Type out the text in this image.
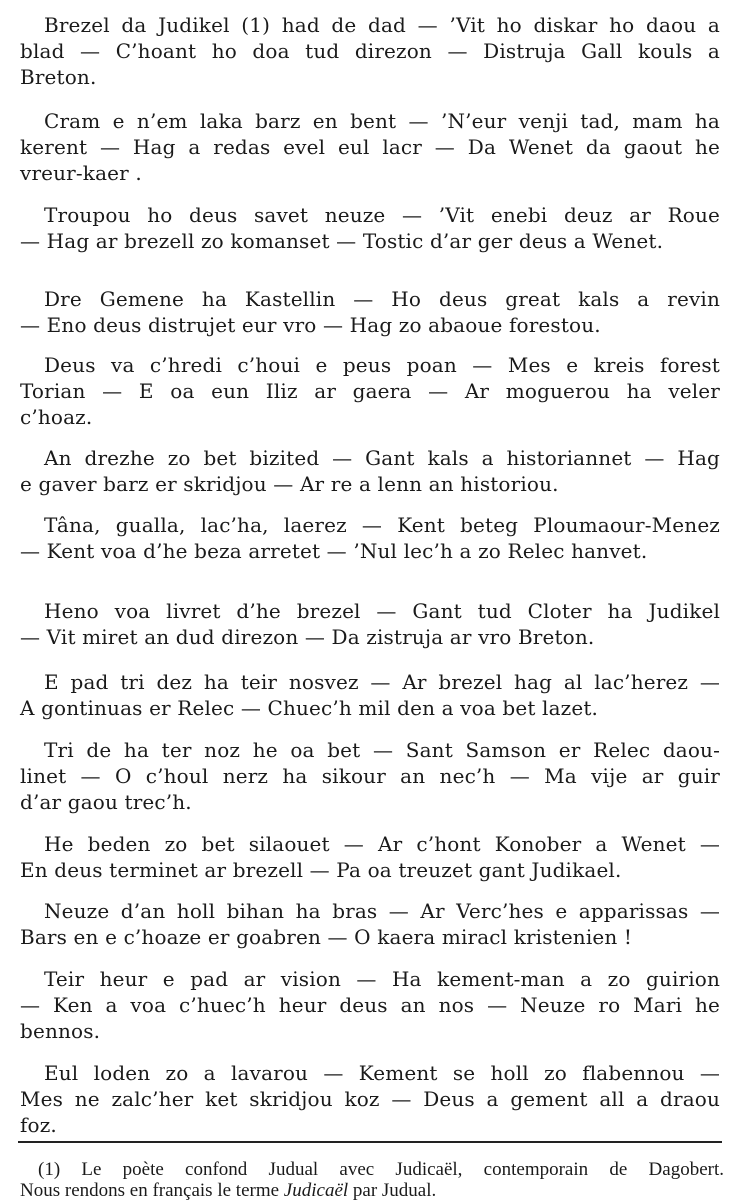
Brezel da Judikel (1) had de dad — ’Vit ho diskar ho daou a
blad — C’hoant ho doa tud direzon — Distruja Gall kouls a
Breton.
Cram e n’em laka barz en bent — ’N’eur venji tad, mam ha
kerent — Hag a redas evel eul lacr — Da Wenet da gaout he
vreur-kaer .
Troupou ho deus savet neuze — ’Vit enebi deuz ar Roue
— Hag ar brezell zo komanset — Tostic d’ar ger deus a Wenet.
Dre Gemene ha Kastellin — Ho deus great kals a revin
— Eno deus distrujet eur vro — Hag zo abaoue forestou.
Deus va c’hredi c’houi e peus poan — Mes e kreis forest
Torian — E oa eun Iliz ar gaera — Ar moguerou ha veler
c’hoaz.
An drezhe zo bet bizited — Gant kals a historiannet — Hag
e gaver barz er skridjou — Ar re a lenn an historiou.
Tâna, gualla, lac’ha, laerez — Kent beteg Ploumaour-Menez
— Kent voa d’he beza arretet — ’Nul lec’h a zo Relec hanvet.
Heno voa livret d’he brezel — Gant tud Cloter ha Judikel
— Vit miret an dud direzon — Da zistruja ar vro Breton.
E pad tri dez ha teir nosvez — Ar brezel hag al lac’herez —
A gontinuas er Relec — Chuec’h mil den a voa bet lazet.
Tri de ha ter noz he oa bet — Sant Samson er Relec daou-
linet — O c’houl nerz ha sikour an nec’h — Ma vije ar guir
d’ar gaou trec’h.
He beden zo bet silaouet — Ar c’hont Konober a Wenet —
En deus terminet ar brezell — Pa oa treuzet gant Judikael.
Neuze d’an holl bihan ha bras — Ar Verc’hes e apparissas —
Bars en e c’hoaze er goabren — O kaera miracl kristenien !
Teir heur e pad ar vision — Ha kement-man a zo guirion
— Ken a voa c’huec’h heur deus an nos — Neuze ro Mari he
bennos.
Eul loden zo a lavarou — Kement se holl zo flabennou —
Mes ne zalc’her ket skridjou koz — Deus a gement all a draou
foz.
(1) Le poète confond Judual avec Judicaël, contemporain de Dagobert.
Nous rendons en français le terme Judicaël par Judual.
